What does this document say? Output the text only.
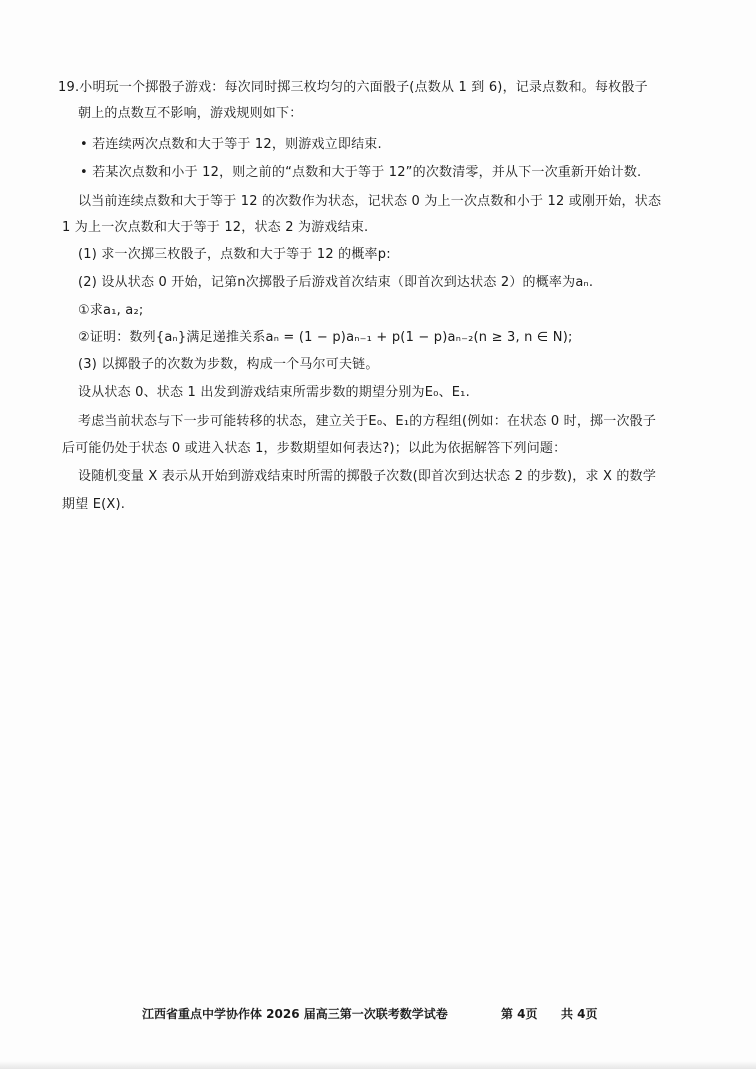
19.小明玩一个掷骰子游戏：每次同时掷三枚均匀的六面骰子(点数从 1 到 6)，记录点数和。每枚骰子
朝上的点数互不影响，游戏规则如下：
• 若连续两次点数和大于等于 12，则游戏立即结束.
• 若某次点数和小于 12，则之前的“点数和大于等于 12”的次数清零，并从下一次重新开始计数.
以当前连续点数和大于等于 12 的次数作为状态，记状态 0 为上一次点数和小于 12 或刚开始，状态
1 为上一次点数和大于等于 12，状态 2 为游戏结束.
(1) 求一次掷三枚骰子，点数和大于等于 12 的概率p:
(2) 设从状态 0 开始，记第n次掷骰子后游戏首次结束（即首次到达状态 2）的概率为aₙ.
①求a₁, a₂;
②证明：数列{aₙ}满足递推关系aₙ = (1 − p)aₙ₋₁ + p(1 − p)aₙ₋₂(n ≥ 3, n ∈ N);
(3) 以掷骰子的次数为步数，构成一个马尔可夫链。
设从状态 0、状态 1 出发到游戏结束所需步数的期望分别为E₀、E₁.
考虑当前状态与下一步可能转移的状态，建立关于E₀、E₁的方程组(例如：在状态 0 时，掷一次骰子
后可能仍处于状态 0 或进入状态 1，步数期望如何表达?)；以此为依据解答下列问题：
设随机变量 X 表示从开始到游戏结束时所需的掷骰子次数(即首次到达状态 2 的步数)，求 X 的数学
期望 E(X).
江西省重点中学协作体 2026 届高三第一次联考数学试卷	第 4页 共 4页
